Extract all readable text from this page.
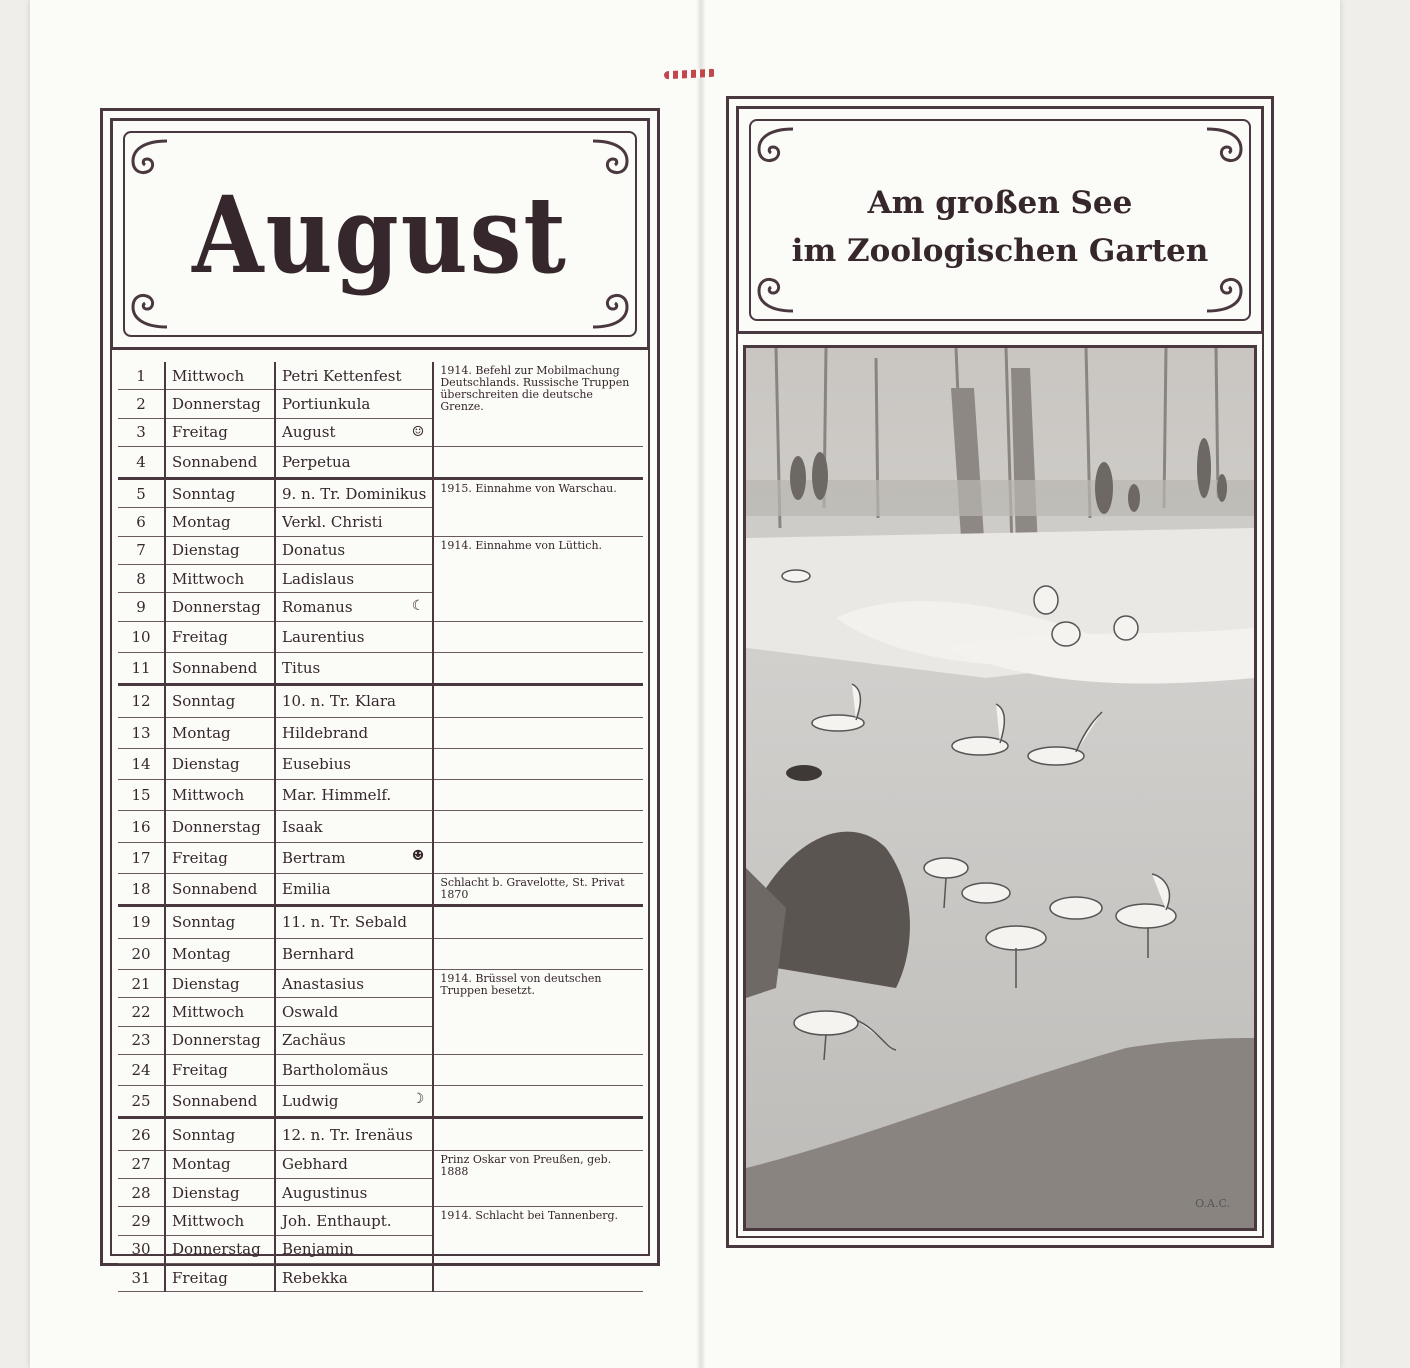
August
1	Mittwoch	Petri Kettenfest	1914. Befehl zur Mobilmachung Deutschlands. Russische Truppen überschreiten die deutsche Grenze.
2	Donnerstag	Portiunkula	
3	Freitag	August ☺	

4	Sonnabend	Perpetua	
5	Sonntag	9. n. Tr. Dominikus	1915. Einnahme von Warschau.
6	Montag	Verkl. Christi	
7	Dienstag	Donatus	1914. Einnahme von Lüttich.
8	Mittwoch	Ladislaus	
9	Donnerstag	Romanus ☾	

10	Freitag	Laurentius	
11	Sonnabend	Titus	
12	Sonntag	10. n. Tr. Klara	
13	Montag	Hildebrand	
14	Dienstag	Eusebius	
15	Mittwoch	Mar. Himmelf.	
16	Donnerstag	Isaak	
17	Freitag	Bertram ☻	

18	Sonnabend	Emilia	Schlacht b. Gravelotte, St. Privat 1870
19	Sonntag	11. n. Tr. Sebald	
20	Montag	Bernhard	
21	Dienstag	Anastasius	1914. Brüssel von deutschen Truppen besetzt.
22	Mittwoch	Oswald	
23	Donnerstag	Zachäus	
24	Freitag	Bartholomäus	
25	Sonnabend	Ludwig ☽	

26	Sonntag	12. n. Tr. Irenäus	
27	Montag	Gebhard	Prinz Oskar von Preußen, geb. 1888
28	Dienstag	Augustinus	
29	Mittwoch	Joh. Enthaupt.	1914. Schlacht bei Tannenberg.
30	Donnerstag	Benjamin	
31	Freitag	Rebekka	
Am großen See
im Zoologischen Garten
O.A.C.
